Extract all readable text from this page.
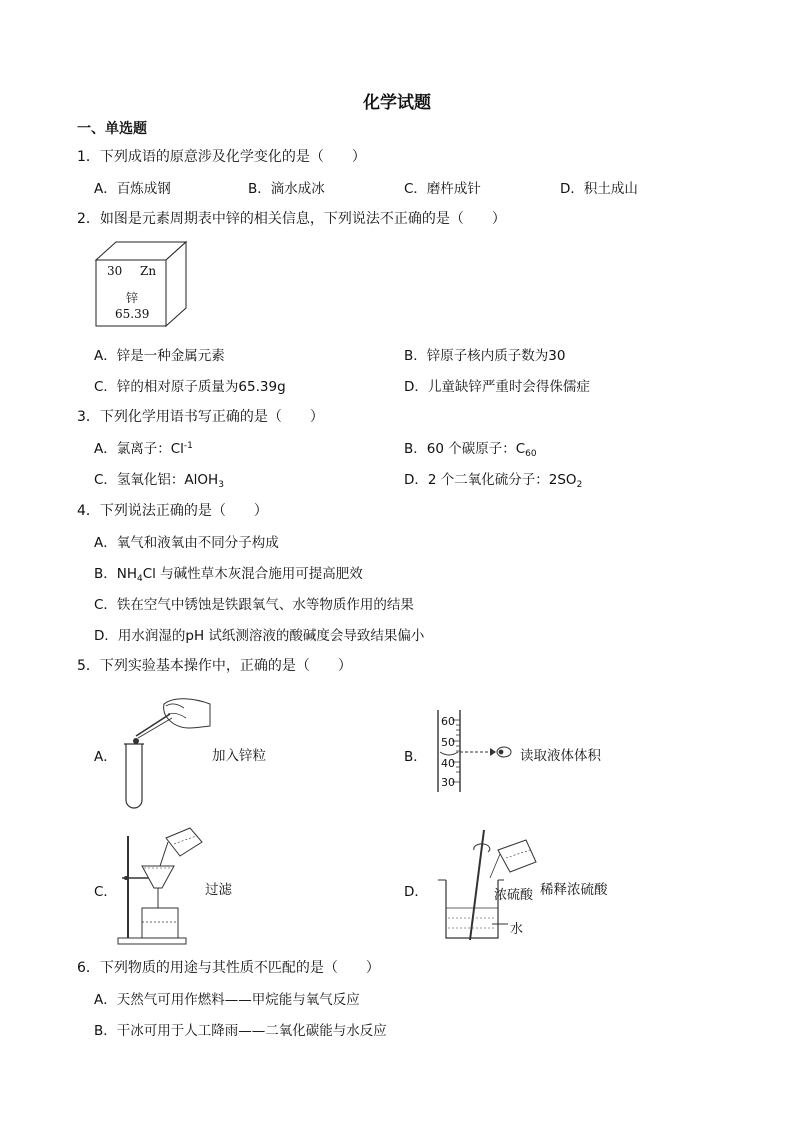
化学试题
一、单选题
1．下列成语的原意涉及化学变化的是（　　）
A．百炼成钢	B．滴水成冰	C．磨杵成针	D．积土成山
2．如图是元素周期表中锌的相关信息，下列说法不正确的是（　　）
30 Zn
锌
65.39
A．锌是一种金属元素	B．锌原子核内质子数为30
C．锌的相对原子质量为65.39g	D．儿童缺锌严重时会得侏儒症
3．下列化学用语书写正确的是（　　）
A．氯离子：$Cl^{-1}$	B．60 个碳原子：$C_{60}$
C．氢氧化铝：AlOH$_3$	D．2 个二氧化硫分子：$2SO_2$
4．下列说法正确的是（　　）
A．氧气和液氧由不同分子构成
B．$NH_4Cl$ 与碱性草木灰混合施用可提高肥效
C．铁在空气中锈蚀是铁跟氧气、水等物质作用的结果
D．用水润湿的pH 试纸测溶液的酸碱度会导致结果偏小
5．下列实验基本操作中，正确的是（　　）
A．	加入锌粒	B．
60
50
40
30
读取液体体积
C．	过滤	D．	浓硫酸
水
稀释浓硫酸
6．下列物质的用途与其性质不匹配的是（　　）
A．天然气可用作燃料——甲烷能与氧气反应
B．干冰可用于人工降雨——二氧化碳能与水反应
